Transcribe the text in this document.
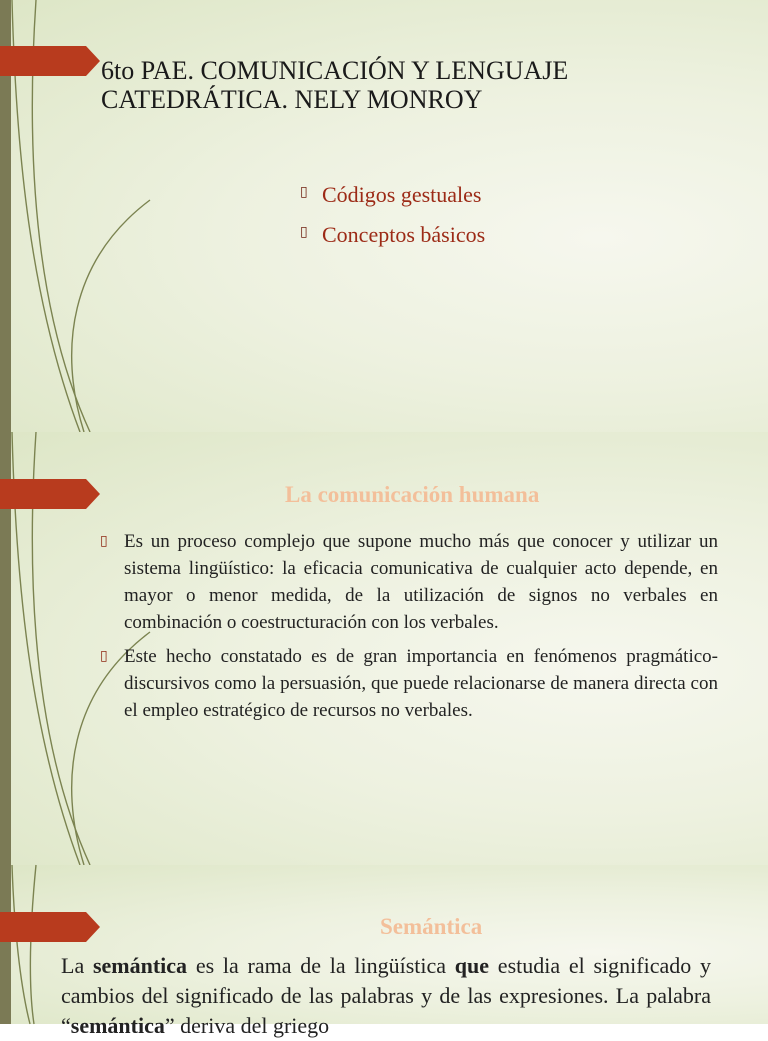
6to PAE. COMUNICACIÓN Y LENGUAJE
CATEDRÁTICA. NELY MONROY
▯ Códigos gestuales
▯ Conceptos básicos
La comunicación humana
▯ Es un proceso complejo que supone mucho más que conocer y utilizar un sistema lingüístico: la eficacia comunicativa de cualquier acto depende, en mayor o menor medida, de la utilización de signos no verbales en combinación o coestructuración con los verbales.
▯ Este hecho constatado es de gran importancia en fenómenos pragmático-discursivos como la persuasión, que puede relacionarse de manera directa con el empleo estratégico de recursos no verbales.
Semántica

La semántica es la rama de la lingüística que estudia el significado y cambios del significado de las palabras y de las expresiones. La palabra “semántica” deriva del griego
